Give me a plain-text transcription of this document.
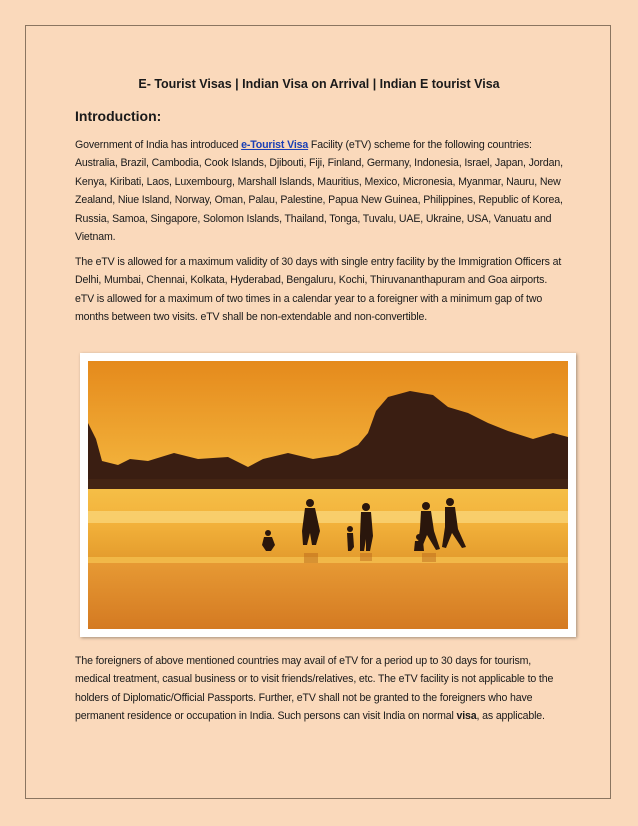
E- Tourist Visas | Indian Visa on Arrival | Indian E tourist Visa
Introduction:

Government of India has introduced e-Tourist Visa Facility (eTV) scheme for the following countries: Australia, Brazil, Cambodia, Cook Islands, Djibouti, Fiji, Finland, Germany, Indonesia, Israel, Japan, Jordan, Kenya, Kiribati, Laos, Luxembourg, Marshall Islands, Mauritius, Mexico, Micronesia, Myanmar, Nauru, New Zealand, Niue Island, Norway, Oman, Palau, Palestine, Papua New Guinea, Philippines, Republic of Korea, Russia, Samoa, Singapore, Solomon Islands, Thailand, Tonga, Tuvalu, UAE, Ukraine, USA, Vanuatu and Vietnam.

The eTV is allowed for a maximum validity of 30 days with single entry facility by the Immigration Officers at Delhi, Mumbai, Chennai, Kolkata, Hyderabad, Bengaluru, Kochi, Thiruvananthapuram and Goa airports. eTV is allowed for a maximum of two times in a calendar year to a foreigner with a minimum gap of two months between two visits. eTV shall be non-extendable and non-convertible.

The foreigners of above mentioned countries may avail of eTV for a period up to 30 days for tourism, medical treatment, casual business or to visit friends/relatives, etc. The eTV facility is not applicable to the holders of Diplomatic/Official Passports. Further, eTV shall not be granted to the foreigners who have permanent residence or occupation in India. Such persons can visit India on normal visa, as applicable.
